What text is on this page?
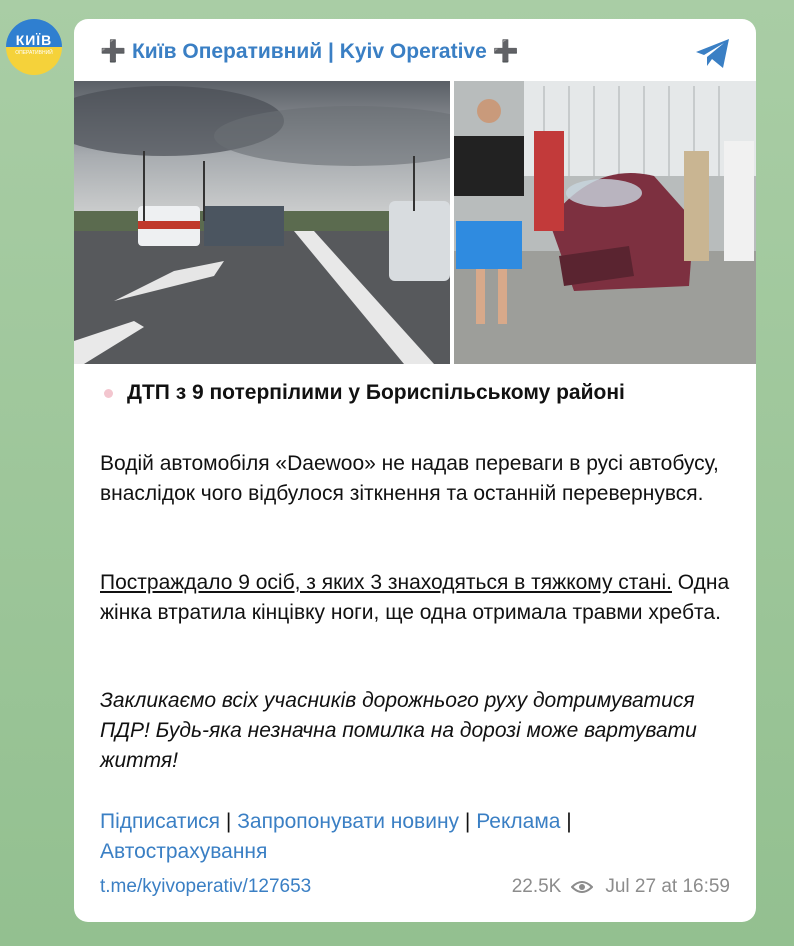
КИЇВ
ОПЕРАТИВНИЙ ➕ Київ Оперативний | Kyiv Operative ➕
ДТП з 9 потерпілими у Бориспільському районі

Водій автомобіля «Daewoo» не надав переваги в русі автобусу, внаслідок чого відбулося зіткнення та останній перевернувся.

Постраждало 9 осіб, з яких 3 знаходяться в тяжкому стані. Одна жінка втратила кінцівку ноги, ще одна отримала травми хребта.

Закликаємо всіх учасників дорожнього руху дотримуватися ПДР! Будь-яка незначна помилка на дорозі може вартувати життя!

Підписатися | Запропонувати новину | Реклама |
Автострахування

t.me/kyivoperativ/127653	22.5K Jul 27 at 16:59
